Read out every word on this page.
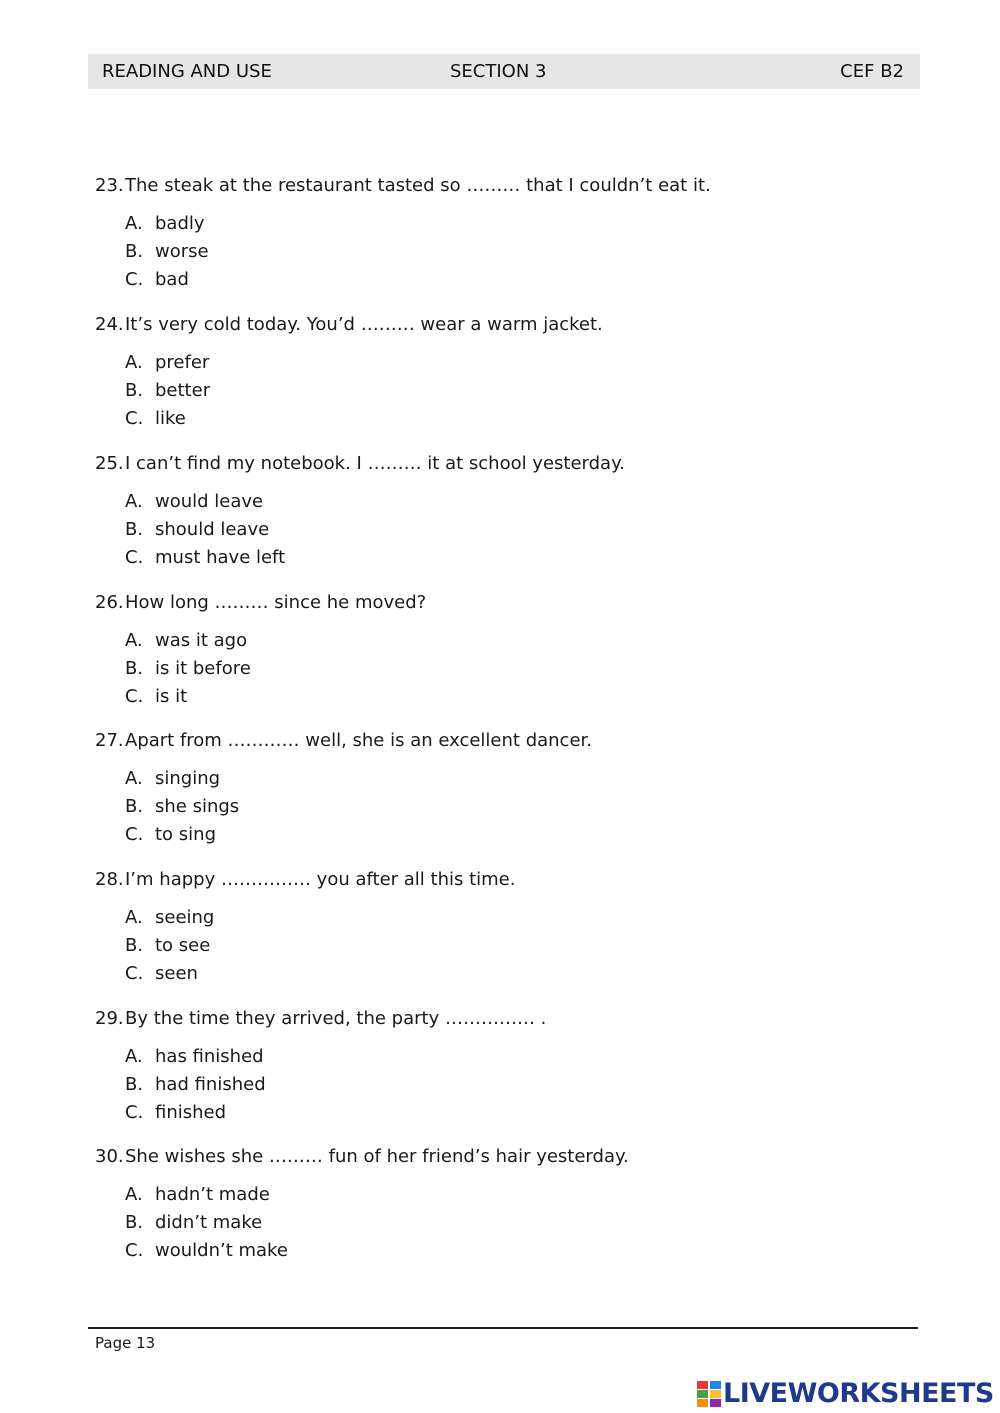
READING AND USE	SECTION 3	CEF B2
23.The steak at the restaurant tasted so ……… that I couldn’t eat it.
A. badly
B. worse
C. bad
24.It’s very cold today. You’d ……… wear a warm jacket.
A. prefer
B. better
C. like
25.I can’t find my notebook. I ……… it at school yesterday.
A. would leave
B. should leave
C. must have left
26.How long ……… since he moved?
A. was it ago
B. is it before
C. is it
27.Apart from ………… well, she is an excellent dancer.
A. singing
B. she sings
C. to sing
28.I’m happy …………… you after all this time.
A. seeing
B. to see
C. seen
29.By the time they arrived, the party …………… .
A. has finished
B. had finished
C. finished
30.She wishes she ……… fun of her friend’s hair yesterday.
A. hadn’t made
B. didn’t make
C. wouldn’t make
Page 13
LIVEWORKSHEETS
